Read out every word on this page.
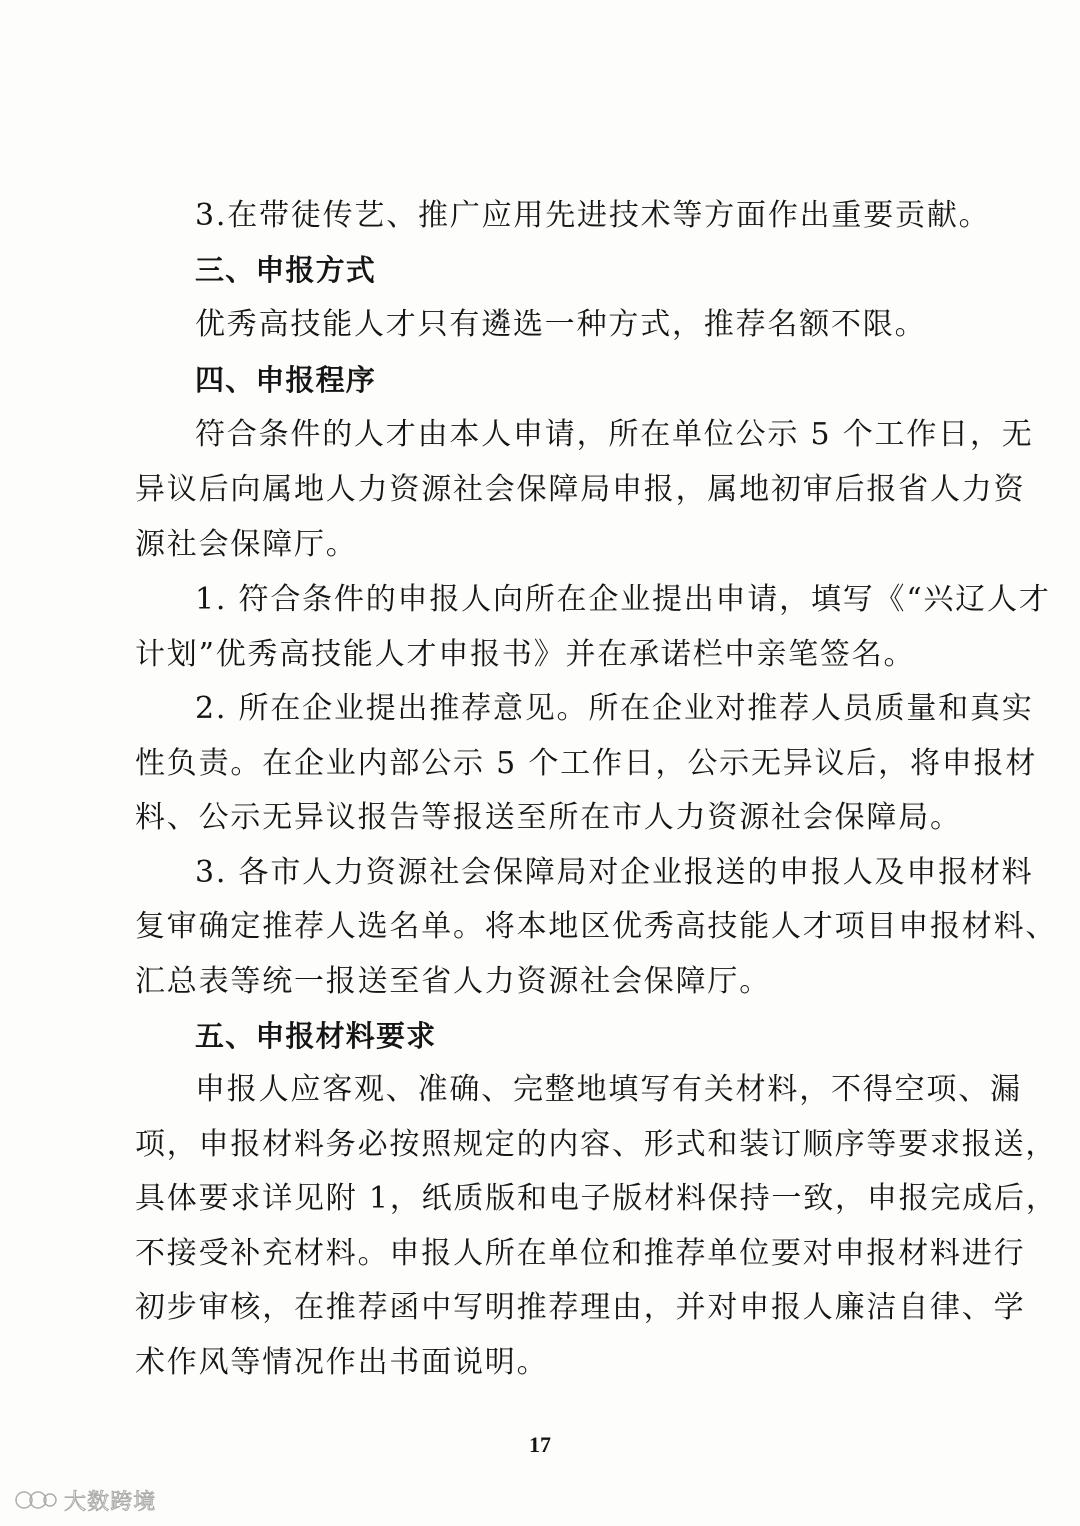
3.在带徒传艺、推广应用先进技术等方面作出重要贡献。
三、申报方式
优秀高技能人才只有遴选一种方式，推荐名额不限。
四、申报程序
符合条件的人才由本人申请，所在单位公示 5 个工作日，无
异议后向属地人力资源社会保障局申报，属地初审后报省人力资
源社会保障厅。
1. 符合条件的申报人向所在企业提出申请，填写《“兴辽人才
计划”优秀高技能人才申报书》并在承诺栏中亲笔签名。
2. 所在企业提出推荐意见。所在企业对推荐人员质量和真实
性负责。在企业内部公示 5 个工作日，公示无异议后，将申报材
料、公示无异议报告等报送至所在市人力资源社会保障局。
3. 各市人力资源社会保障局对企业报送的申报人及申报材料
复审确定推荐人选名单。将本地区优秀高技能人才项目申报材料、
汇总表等统一报送至省人力资源社会保障厅。
五、申报材料要求
申报人应客观、准确、完整地填写有关材料，不得空项、漏
项，申报材料务必按照规定的内容、形式和装订顺序等要求报送，
具体要求详见附 1，纸质版和电子版材料保持一致，申报完成后，
不接受补充材料。申报人所在单位和推荐单位要对申报材料进行
初步审核，在推荐函中写明推荐理由，并对申报人廉洁自律、学
术作风等情况作出书面说明。
17
大数跨境
